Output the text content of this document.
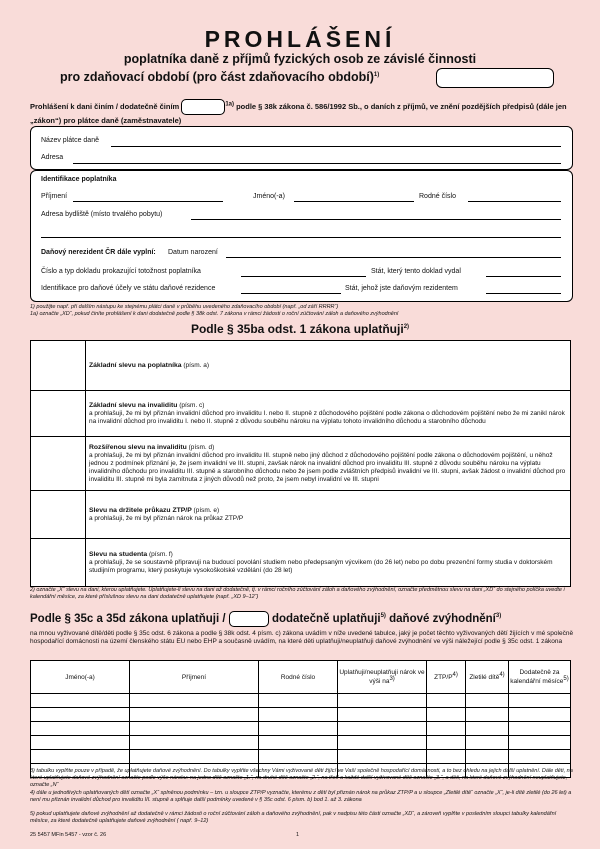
PROHLÁŠENÍ
poplatníka daně z příjmů fyzických osob ze závislé činnosti
pro zdaňovací období (pro část zdaňovacího období)$^{1)}$
Prohlášení k dani činím / dodatečně činím	$^{1a)}$ podle § 38k zákona č. 586/1992 Sb., o daních z příjmů, ve znění pozdějších předpisů (dále jen „zákon“) pro plátce daně (zaměstnavatele)
Název plátce daně
Adresa
Identifikace poplatníka
Příjmení	Jméno(-a)	Rodné číslo
Adresa bydliště (místo trvalého pobytu)
Daňový nerezident ČR dále vyplní: Datum narození
Číslo a typ dokladu prokazující totožnost poplatníka	Stát, který tento doklad vydal
Identifikace pro daňové účely ve státu daňové rezidence	Stát, jehož jste daňovým rezidentem
1) použijte např. při dalším nástupu ke stejnému plátci daně v průběhu uvedeného zdaňovacího období (např. „od září RRRR“)
1a) označte „XD“, pokud činíte prohlášení k dani dodatečně podle § 38k odst. 7 zákona v rámci žádosti o roční zúčtování záloh a daňového zvýhodnění
Podle § 35ba odst. 1 zákona uplatňuji$^{2)}$
	Základní slevu na poplatníka (písm. a)
	Základní slevu na invaliditu (písm. c)
a prohlašuji, že mi byl přiznán invalidní důchod pro invaliditu I. nebo II. stupně z důchodového pojištění podle zákona o důchodovém pojištění nebo že mi zanikl nárok na invalidní důchod pro invaliditu I. nebo II. stupně z důvodu souběhu nároku na výplatu tohoto invalidního důchodu a starobního důchodu
	Rozšířenou slevu na invaliditu (písm. d)
a prohlašuji, že mi byl přiznán invalidní důchod pro invaliditu III. stupně nebo jiný důchod z důchodového pojištění podle zákona o důchodovém pojištění, u něhož jednou z podmínek přiznání je, že jsem invalidní ve III. stupni, zavšak nárok na invalidní důchod pro invaliditu III. stupně z důvodu souběhu nároku na výplatu invalidního důchodu pro invaliditu III. stupně a starobního důchodu nebo že jsem podle zvláštních předpisů invalidní ve III. stupni, avšak žádost o invalidní důchod pro invaliditu III. stupně mi byla zamítnuta z jiných důvodů než proto, že jsem nebyl invalidní ve III. stupni
	Slevu na držitele průkazu ZTP/P (písm. e)
a prohlašuji, že mi byl přiznán nárok na průkaz ZTP/P
	Slevu na studenta (písm. f)
a prohlašuji, že se soustavně připravuji na budoucí povolání studiem nebo předepsaným výcvikem (do 26 let) nebo po dobu prezenční formy studia v doktorském studijním programu, který poskytuje vysokoškolské vzdělání (do 28 let)
2) označte „X“ slevu na dani, kterou uplatňujete. Uplatňujete-li slevu na dani až dodatečně, tj. v rámci ročního zúčtování záloh a daňového zvýhodnění, označte předmětnou slevu na dani „XD“ do stejného políčka uvedte i kalendářní měsíce, za které příslušnou slevu na dani dodatečně uplatňujete (např. „XD 9–12“)
Podle § 35c a 35d zákona uplatňuji /	dodatečně uplatňuji$^{5)}$ daňové zvýhodnění$^{3)}$
na mnou vyživované dítě/děti podle § 35c odst. 6 zákona a podle § 38k odst. 4 písm. c) zákona uvádím v níže uvedené tabulce, jaký je počet těchto vyživovaných dětí žijících v mé společně hospodařící domácnosti na území členského státu EU nebo EHP a současně uvádím, na které děti uplatňuji/neuplatňuji daňové zvýhodnění ve výši náležející podle § 35c odst. 1 zákona
Jméno(-a)	Příjmení	Rodné číslo	Uplatňuji/neuplatňuji nárok ve výši na3)	ZTP/P4)	Zletilé dítě4)	Dodatečně za kalendářní měsíce5)

3) tabulku vyplňte pouze v případě, že uplatňujete daňové zvýhodnění. Do tabulky vyplňte všechny Vámi vyživované děti žijící ve Vaší společně hospodařící domácnosti, a to bez ohledu na jejich další uplatnění. Dále děti, na které uplatňujete daňové zvýhodnění označte podle výše nároku: na jedno dítě označte „1.“, na druhé dítě označte „2.“, na třetí a každé další vyživované dítě označte „3.“, a děti, na které daňové zvýhodnění neuplatňujete, označte „N“
4) dále u jednotlivých uplatňovaných dětí označte „X“ splněnou podmínku – tzn. u sloupce ZTP/P vyznačte, kterému z dětí byl přiznán nárok na průkaz ZTP/P a u sloupce „Zletilé dítě“ označte „X“, je-li dítě zletilé (do 26 let) a není mu přiznán invalidní důchod pro invaliditu III. stupně a splňuje další podmínky uvedené v § 35c odst. 6 písm. b) bod 1. až 3. zákona
5) pokud uplatňujete daňové zvýhodnění až dodatečně v rámci žádosti o roční zúčtování záloh a daňového zvýhodnění, pak v nadpisu této části označte „XD“, a zároveň vyplňte v posledním sloupci tabulky kalendářní měsíce, za které dodatečně uplatňujete daňové zvýhodnění ( např. 9–12)
25 5457 MFin 5457 - vzor č. 26	1
